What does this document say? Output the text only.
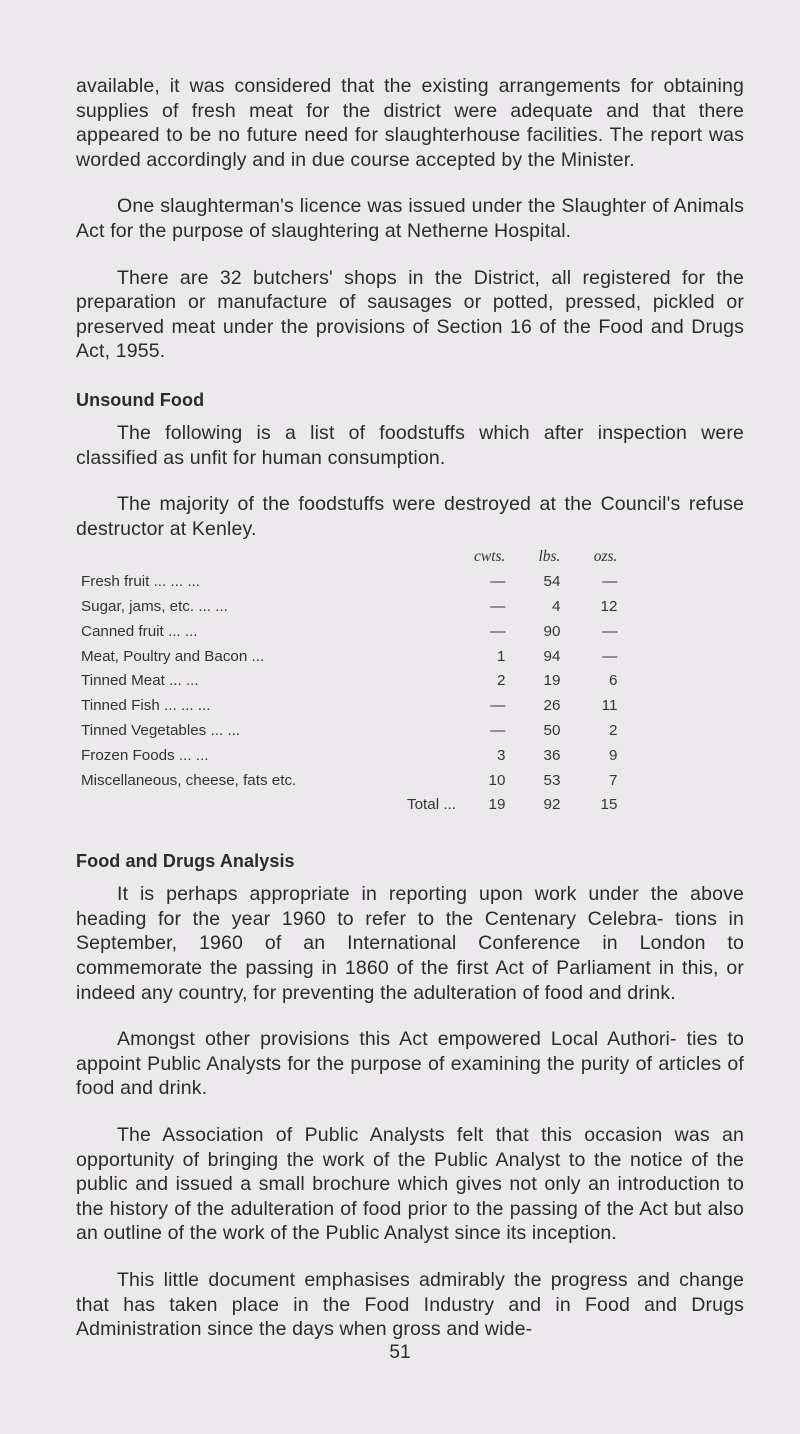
available, it was considered that the existing arrangements for obtaining supplies of fresh meat for the district were adequate and that there appeared to be no future need for slaughterhouse facilities. The report was worded accordingly and in due course accepted by the Minister.

One slaughterman's licence was issued under the Slaughter of Animals Act for the purpose of slaughtering at Netherne Hospital.

There are 32 butchers' shops in the District, all registered for the preparation or manufacture of sausages or potted, pressed, pickled or preserved meat under the provisions of Section 16 of the Food and Drugs Act, 1955.

Unsound Food

The following is a list of foodstuffs which after inspection were classified as unfit for human consumption.

The majority of the foodstuffs were destroyed at the Council's refuse destructor at Kenley.

	cwts.	lbs.	ozs.
Fresh fruit ... ... ...	—	54	—
Sugar, jams, etc. ... ...	—	4	12
Canned fruit ... ...	—	90	—
Meat, Poultry and Bacon ...	1	94	—
Tinned Meat ... ...	2	19	6
Tinned Fish ... ... ...	—	26	11
Tinned Vegetables ... ...	—	50	2
Frozen Foods ... ...	3	36	9
Miscellaneous, cheese, fats etc.	10	53	7
Total ...	19	92	15
Food and Drugs Analysis

It is perhaps appropriate in reporting upon work under the above heading for the year 1960 to refer to the Centenary Celebra- tions in September, 1960 of an International Conference in London to commemorate the passing in 1860 of the first Act of Parliament in this, or indeed any country, for preventing the adulteration of food and drink.

Amongst other provisions this Act empowered Local Authori- ties to appoint Public Analysts for the purpose of examining the purity of articles of food and drink.

The Association of Public Analysts felt that this occasion was an opportunity of bringing the work of the Public Analyst to the notice of the public and issued a small brochure which gives not only an introduction to the history of the adulteration of food prior to the passing of the Act but also an outline of the work of the Public Analyst since its inception.

This little document emphasises admirably the progress and change that has taken place in the Food Industry and in Food and Drugs Administration since the days when gross and wide-

51
